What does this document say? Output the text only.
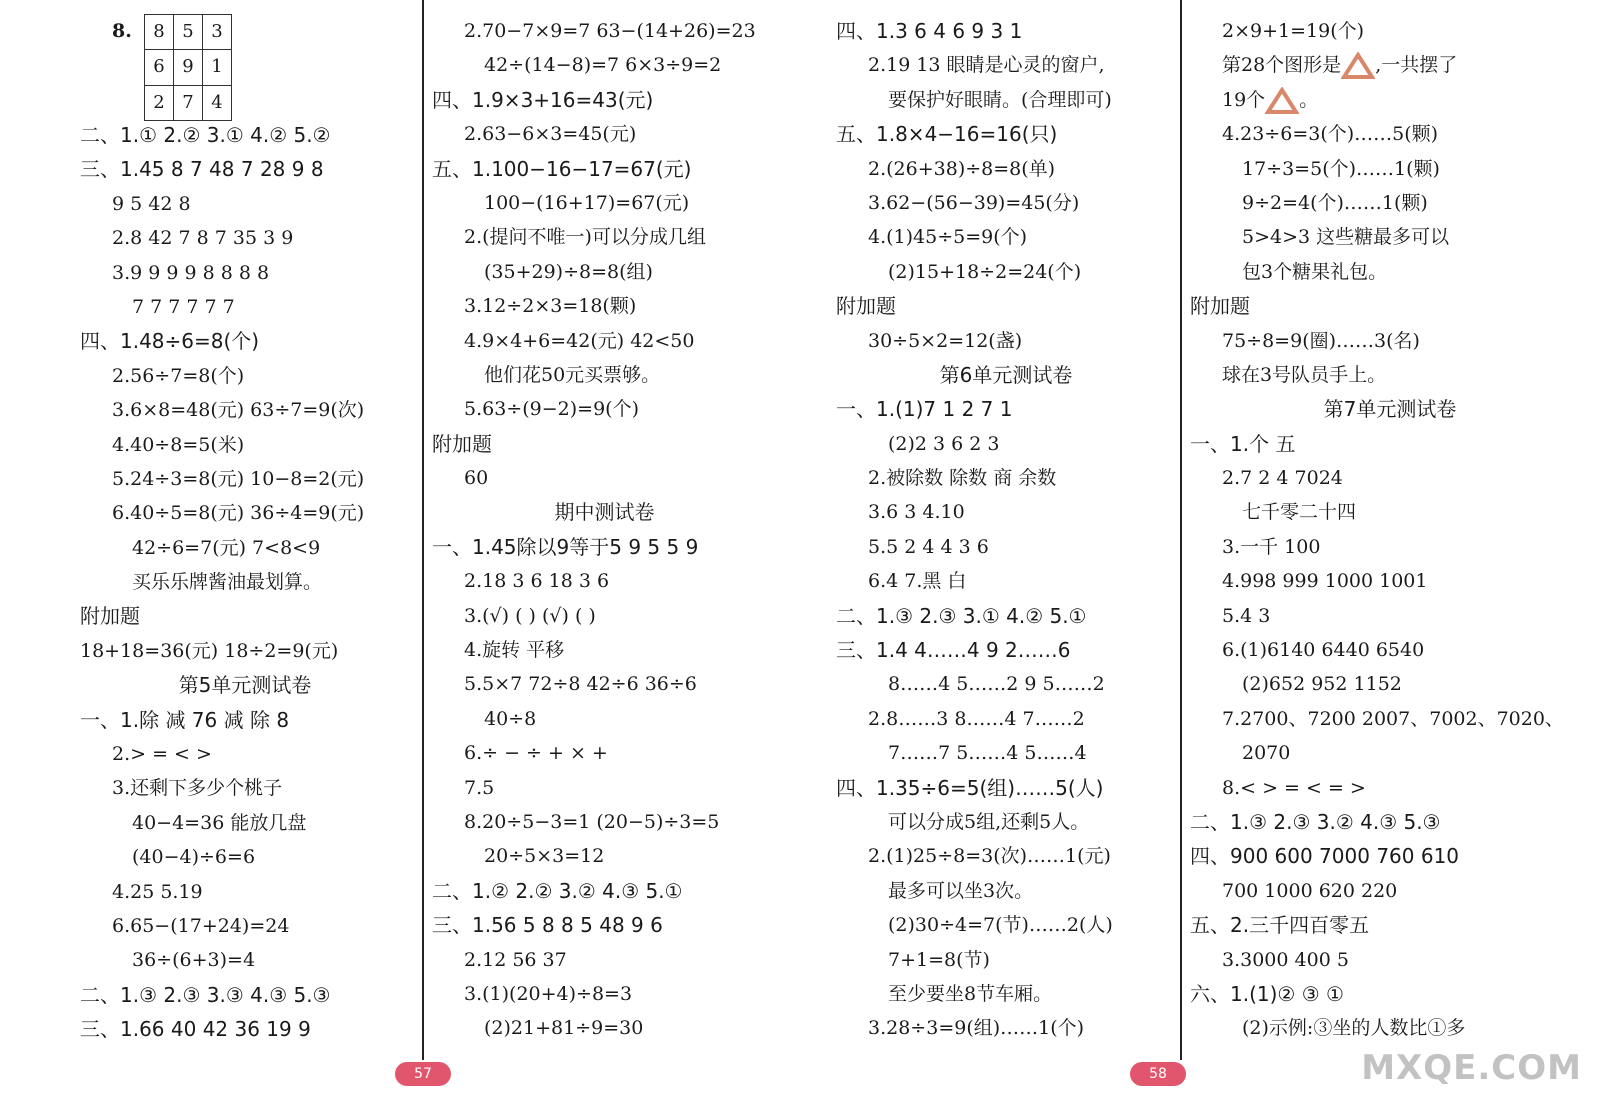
8.	8	5	3
6	9	1
2	7	4
二、1.① 2.② 3.① 4.② 5.②
三、1.45 8 7 48 7 28 9 8
9 5 42 8
2.8 42 7 8 7 35 3 9
3.9 9 9 9 8 8 8 8
7 7 7 7 7 7
四、1.48÷6=8(个)
2.56÷7=8(个)
3.6×8=48(元) 63÷7=9(次)
4.40÷8=5(米)
5.24÷3=8(元) 10−8=2(元)
6.40÷5=8(元) 36÷4=9(元)
42÷6=7(元) 7<8<9
买乐乐牌酱油最划算。
附加题
18+18=36(元) 18÷2=9(元)
第5单元测试卷
一、1.除 减 76 减 除 8
2.> = < >
3.还剩下多少个桃子
40−4=36 能放几盘
(40−4)÷6=6
4.25 5.19
6.65−(17+24)=24
36÷(6+3)=4
二、1.③ 2.③ 3.③ 4.③ 5.③
三、1.66 40 42 36 19 9
2.70−7×9=7 63−(14+26)=23
42÷(14−8)=7 6×3÷9=2
四、1.9×3+16=43(元)
2.63−6×3=45(元)
五、1.100−16−17=67(元)
100−(16+17)=67(元)
2.(提问不唯一)可以分成几组
(35+29)÷8=8(组)
3.12÷2×3=18(颗)
4.9×4+6=42(元) 42<50
他们花50元买票够。
5.63÷(9−2)=9(个)
附加题
60
期中测试卷
一、1.45除以9等于5 9 5 5 9
2.18 3 6 18 3 6
3.(√) ( ) (√) ( )
4.旋转 平移
5.5×7 72÷8 42÷6 36÷6
40÷8
6.÷ − ÷ + × +
7.5
8.20÷5−3=1 (20−5)÷3=5
20÷5×3=12
二、1.② 2.② 3.② 4.③ 5.①
三、1.56 5 8 8 5 48 9 6
2.12 56 37
3.(1)(20+4)÷8=3
(2)21+81÷9=30
四、1.3 6 4 6 9 3 1
2.19 13 眼睛是心灵的窗户,
要保护好眼睛。(合理即可)
五、1.8×4−16=16(只)
2.(26+38)÷8=8(单)
3.62−(56−39)=45(分)
4.(1)45÷5=9(个)
(2)15+18÷2=24(个)
附加题
30÷5×2=12(盏)
第6单元测试卷
一、1.(1)7 1 2 7 1
(2)2 3 6 2 3
2.被除数 除数 商 余数
3.6 3 4.10
5.5 2 4 4 3 6
6.4 7.黑 白
二、1.③ 2.③ 3.① 4.② 5.①
三、1.4 4……4 9 2……6
8……4 5……2 9 5……2
2.8……3 8……4 7……2
7……7 5……4 5……4
四、1.35÷6=5(组)……5(人)
可以分成5组,还剩5人。
2.(1)25÷8=3(次)……1(元)
最多可以坐3次。
(2)30÷4=7(节)……2(人)
7+1=8(节)
至少要坐8节车厢。
3.28÷3=9(组)……1(个)
2×9+1=19(个)
第28个图形是 ,一共摆了
19个 。
4.23÷6=3(个)……5(颗)
17÷3=5(个)……1(颗)
9÷2=4(个)……1(颗)
5>4>3 这些糖最多可以
包3个糖果礼包。
附加题
75÷8=9(圈)……3(名)
球在3号队员手上。
第7单元测试卷
一、1.个 五
2.7 2 4 7024
七千零二十四
3.一千 100
4.998 999 1000 1001
5.4 3
6.(1)6140 6440 6540
(2)652 952 1152
7.2700、7200 2007、7002、7020、
2070
8.< > = < = >
二、1.③ 2.③ 3.② 4.③ 5.③
四、900 600 7000 760 610
700 1000 620 220
五、2.三千四百零五
3.3000 400 5
六、1.(1)② ③ ①
(2)示例:③坐的人数比①多
57	58	MXQE.COM
